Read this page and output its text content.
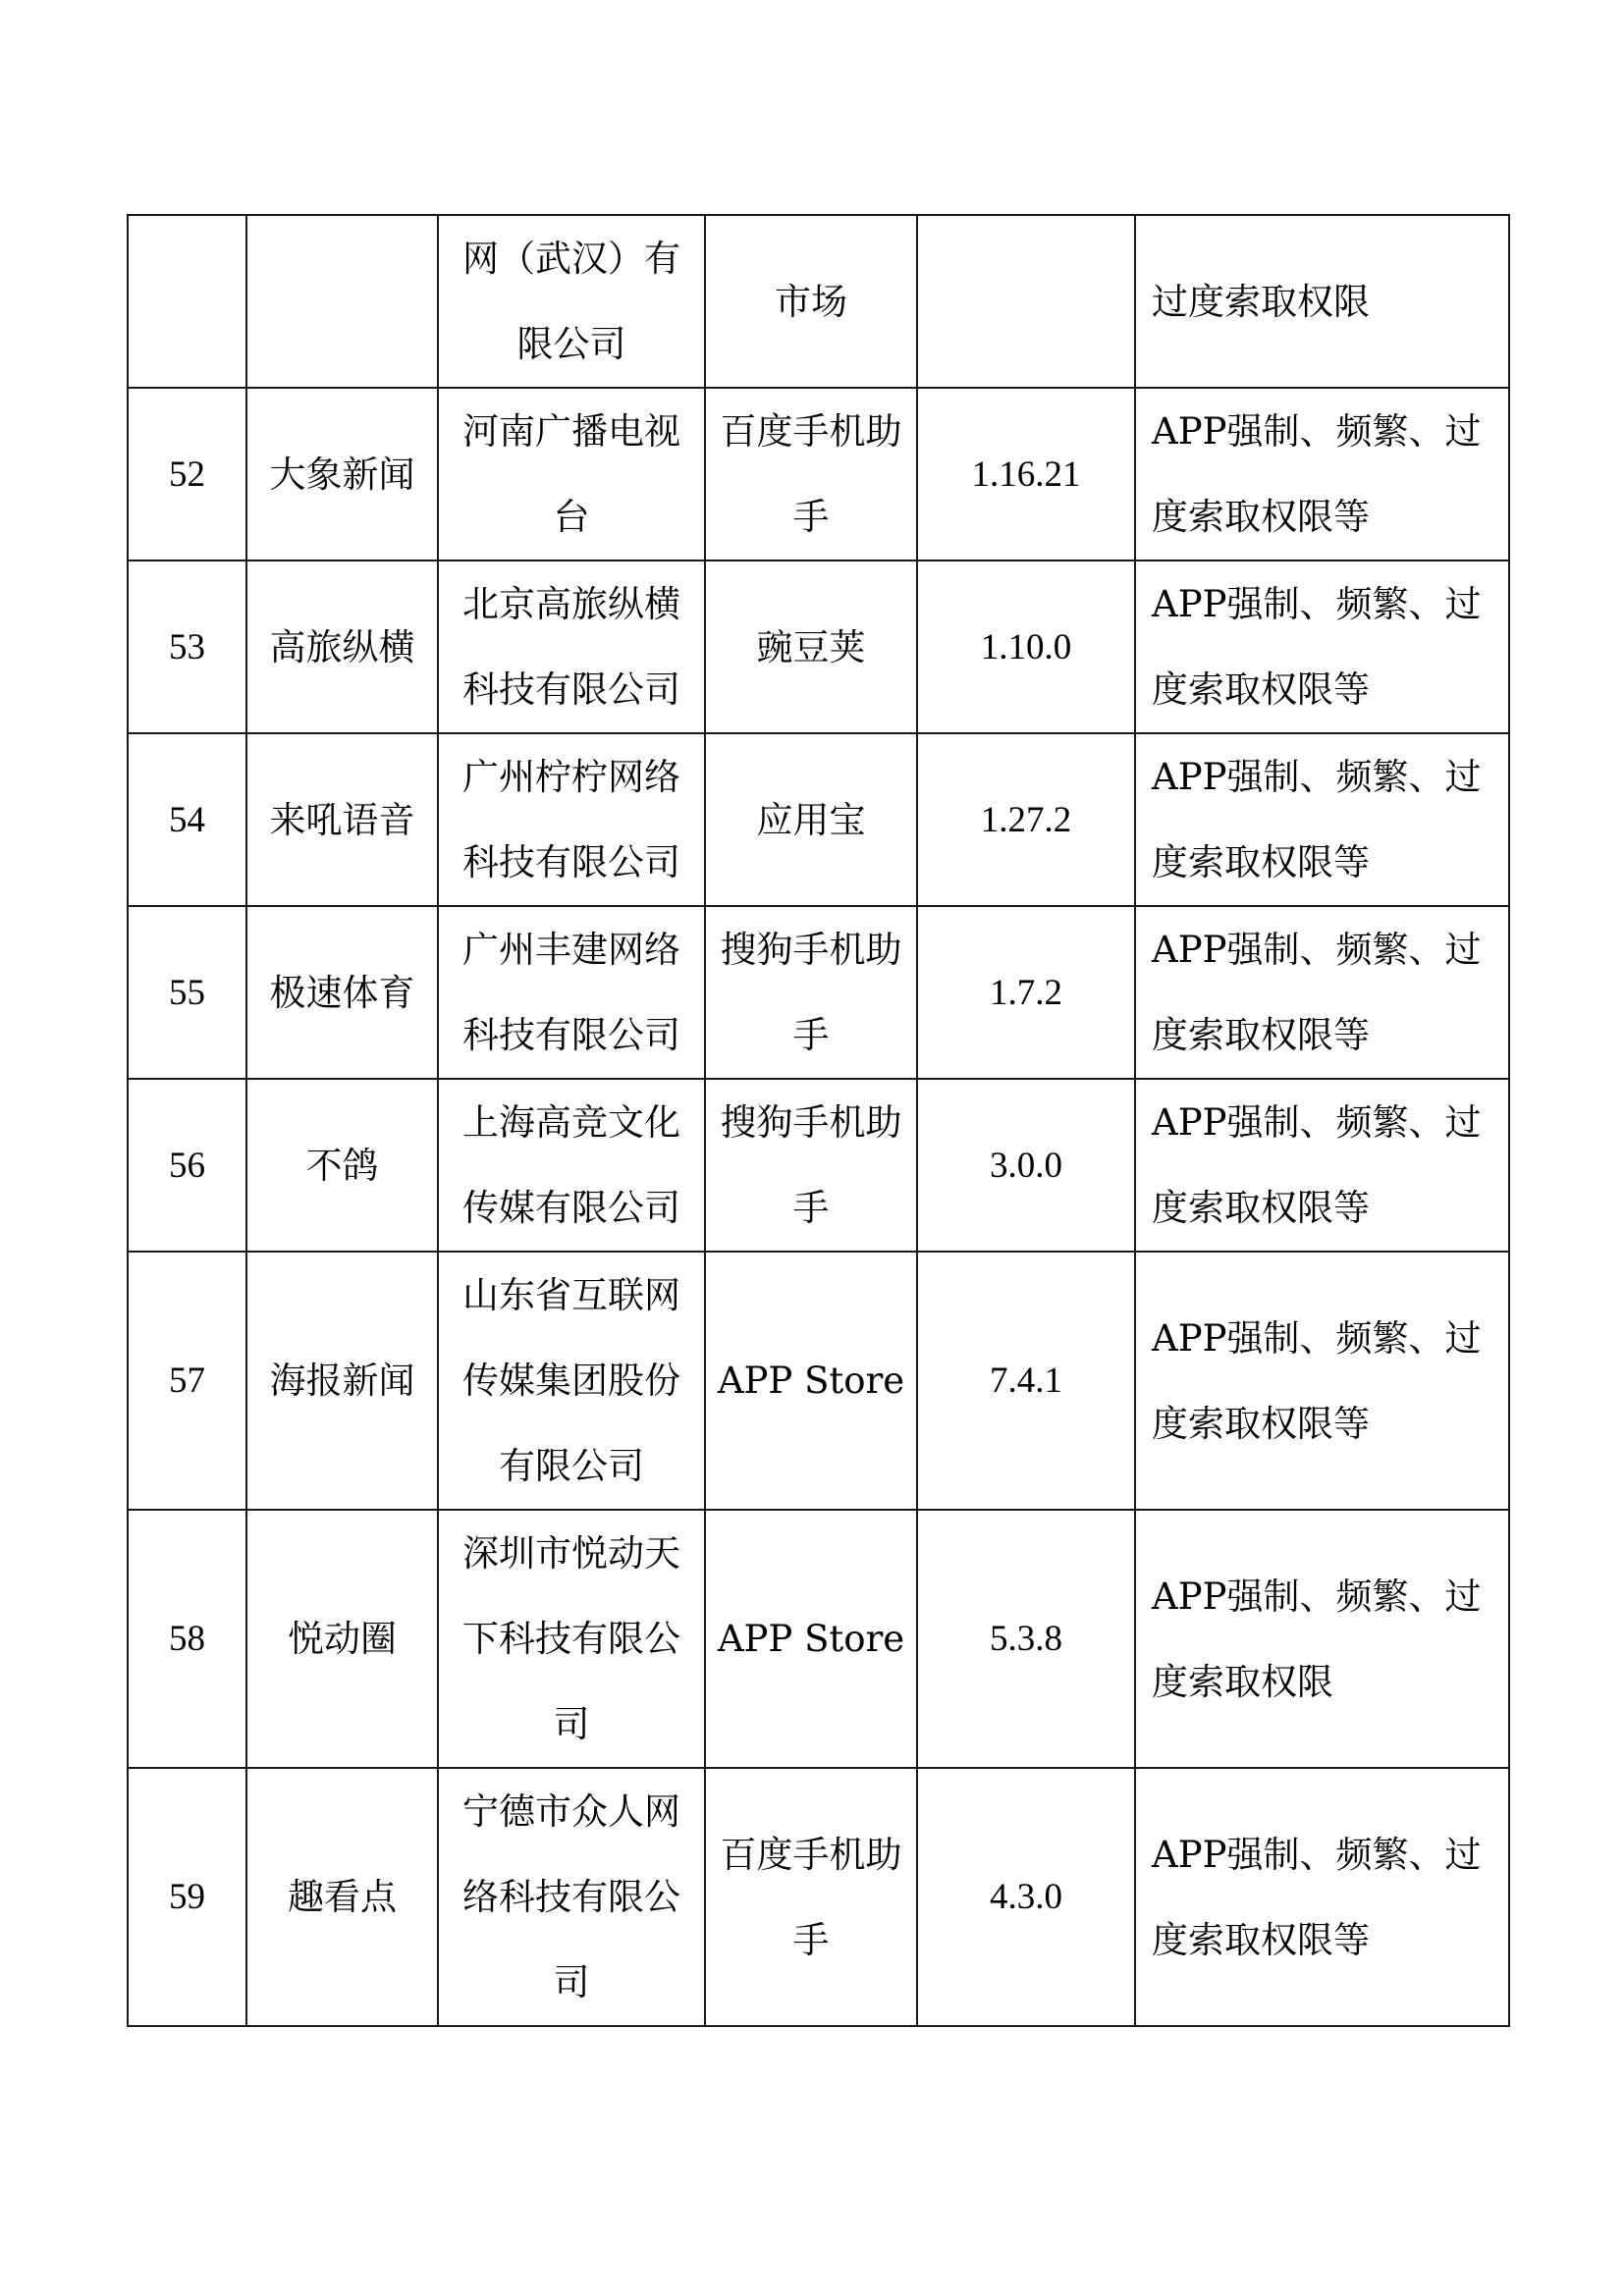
		网（武汉）有限公司	市场		过度索取权限
52	大象新闻	河南广播电视台	百度手机助手	1.16.21	APP强制、频繁、过度索取权限等
53	高旅纵横	北京高旅纵横科技有限公司	豌豆荚	1.10.0	APP强制、频繁、过度索取权限等
54	来吼语音	广州柠柠网络科技有限公司	应用宝	1.27.2	APP强制、频繁、过度索取权限等
55	极速体育	广州丰建网络科技有限公司	搜狗手机助手	1.7.2	APP强制、频繁、过度索取权限等
56	不鸽	上海高竞文化传媒有限公司	搜狗手机助手	3.0.0	APP强制、频繁、过度索取权限等
57	海报新闻	山东省互联网传媒集团股份有限公司	APP Store	7.4.1	APP强制、频繁、过度索取权限等
58	悦动圈	深圳市悦动天下科技有限公司	APP Store	5.3.8	APP强制、频繁、过度索取权限
59	趣看点	宁德市众人网络科技有限公司	百度手机助手	4.3.0	APP强制、频繁、过度索取权限等
